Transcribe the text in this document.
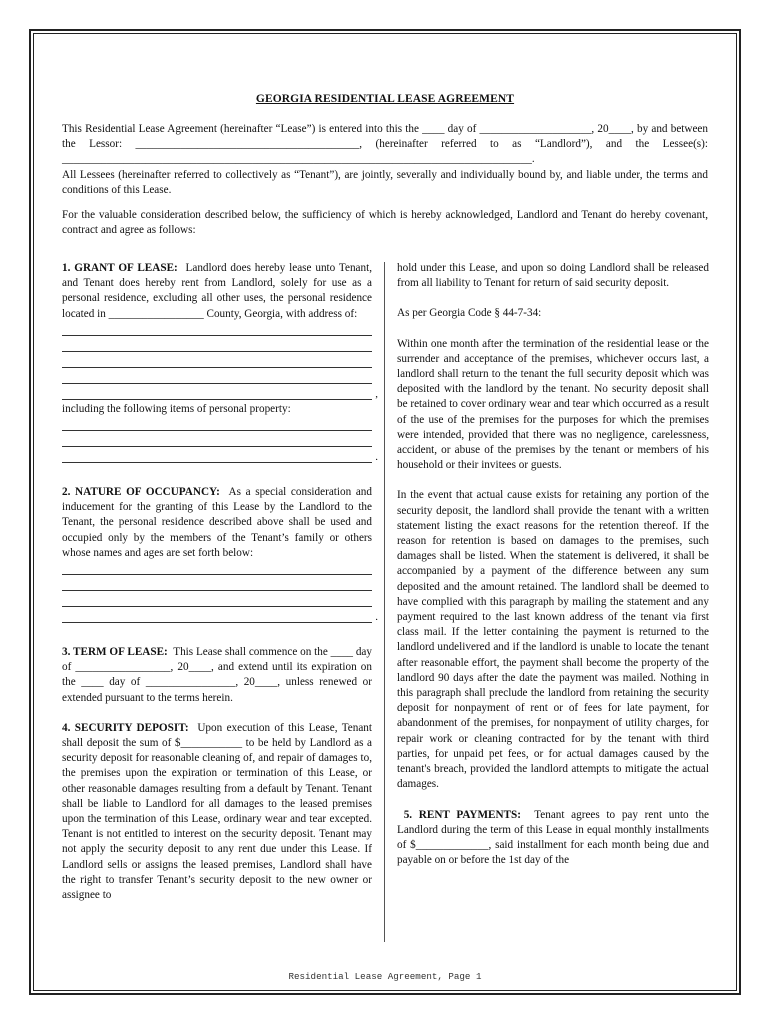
GEORGIA RESIDENTIAL LEASE AGREEMENT

This Residential Lease Agreement (hereinafter “Lease”) is entered into this the ____ day of ____________________, 20____, by and between the Lessor: ________________________________________, (hereinafter referred to as “Landlord”), and the Lessee(s): ____________________________________________________________________________________.

All Lessees (hereinafter referred to collectively as “Tenant”), are jointly, severally and individually bound by, and liable under, the terms and conditions of this Lease.

For the valuable consideration described below, the sufficiency of which is hereby acknowledged, Landlord and Tenant do hereby covenant, contract and agree as follows:

1. GRANT OF LEASE: Landlord does hereby lease unto Tenant, and Tenant does hereby rent from Landlord, solely for use as a personal residence, excluding all other uses, the personal residence located in _________________ County, Georgia, with address of:

,

including the following items of personal property:

.

2. NATURE OF OCCUPANCY: As a special consideration and inducement for the granting of this Lease by the Landlord to the Tenant, the personal residence described above shall be used and occupied only by the members of the Tenant’s family or others whose names and ages are set forth below:

.

3. TERM OF LEASE: This Lease shall commence on the ____ day of _________________, 20____, and extend until its expiration on the ____ day of ________________, 20____, unless renewed or extended pursuant to the terms herein.

4. SECURITY DEPOSIT: Upon execution of this Lease, Tenant shall deposit the sum of $___________ to be held by Landlord as a security deposit for reasonable cleaning of, and repair of damages to, the premises upon the expiration or termination of this Lease, or other reasonable damages resulting from a default by Tenant. Tenant shall be liable to Landlord for all damages to the leased premises upon the termination of this Lease, ordinary wear and tear excepted. Tenant is not entitled to interest on the security deposit. Tenant may not apply the security deposit to any rent due under this Lease. If Landlord sells or assigns the leased premises, Landlord shall have the right to transfer Tenant’s security deposit to the new owner or assignee to

hold under this Lease, and upon so doing Landlord shall be released from all liability to Tenant for return of said security deposit.

As per Georgia Code § 44-7-34:

Within one month after the termination of the residential lease or the surrender and acceptance of the premises, whichever occurs last, a landlord shall return to the tenant the full security deposit which was deposited with the landlord by the tenant. No security deposit shall be retained to cover ordinary wear and tear which occurred as a result of the use of the premises for the purposes for which the premises were intended, provided that there was no negligence, carelessness, accident, or abuse of the premises by the tenant or members of his household or their invitees or guests.

In the event that actual cause exists for retaining any portion of the security deposit, the landlord shall provide the tenant with a written statement listing the exact reasons for the retention thereof. If the reason for retention is based on damages to the premises, such damages shall be listed. When the statement is delivered, it shall be accompanied by a payment of the difference between any sum deposited and the amount retained. The landlord shall be deemed to have complied with this paragraph by mailing the statement and any payment required to the last known address of the tenant via first class mail. If the letter containing the payment is returned to the landlord undelivered and if the landlord is unable to locate the tenant after reasonable effort, the payment shall become the property of the landlord 90 days after the date the payment was mailed. Nothing in this paragraph shall preclude the landlord from retaining the security deposit for nonpayment of rent or of fees for late payment, for abandonment of the premises, for nonpayment of utility charges, for repair work or cleaning contracted for by the tenant with third parties, for unpaid pet fees, or for actual damages caused by the tenant's breach, provided the landlord attempts to mitigate the actual damages.

5. RENT PAYMENTS: Tenant agrees to pay rent unto the Landlord during the term of this Lease in equal monthly installments of $_____________, said installment for each month being due and payable on or before the 1st day of the

Residential Lease Agreement, Page 1
